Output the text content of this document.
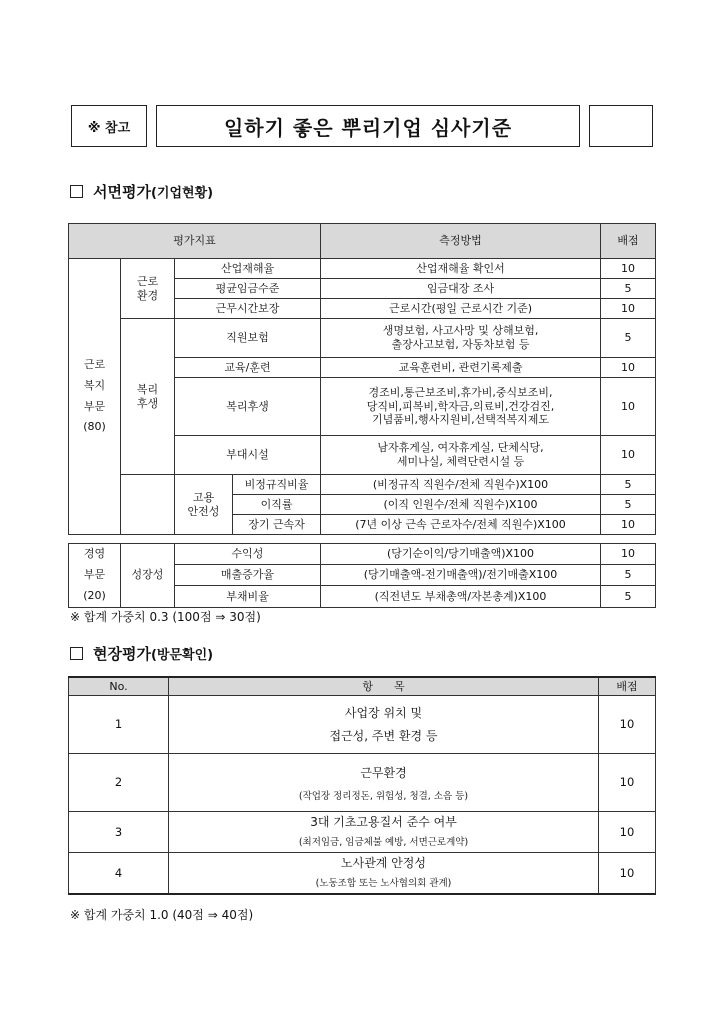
※ 참고	일하기 좋은 뿌리기업 심사기준
서면평가 (기업현황)
평가지표				측정방법	배점
근로
복지
부문
(80)	근로
환경	산업재해율		산업재해율 확인서	10
		평균임금수준		임금대장 조사	5
		근무시간보장		근로시간(평일 근로시간 기준)	10
	복리
후생	직원보험		생명보험, 사고사망 및 상해보험,
출장사고보험, 자동차보험 등	5
		교육/훈련		교육훈련비, 관련기록제출	10
		복리후생		경조비,통근보조비,휴가비,중식보조비,
당직비,피복비,학자금,의료비,건강검진,
기념품비,행사지원비,선택적복지제도	10
		부대시설		남자휴게실, 여자휴게실, 단체식당,
세미나실, 체력단련시설 등	10
		고용
안전성	비정규직비율	(비정규직 직원수/전체 직원수)X100	5
			이직률	(이직 인원수/전체 직원수)X100	5
			장기 근속자	(7년 이상 근속 근로자수/전체 직원수)X100	10
경영
부문
(20)	성장성	수익성	(당기순이익/당기매출액)X100	10
		매출증가율	(당기매출액-전기매출액)/전기매출X100	5
		부채비율	(직전년도 부채총액/자본총계)X100	5
※ 합계 가중치 0.3 (100점 ⇒ 30점)
현장평가 (방문확인)
No.	항      목	배점
1	사업장 위치 및
접근성, 주변 환경 등	10
2	근무환경
(작업장 정리정돈, 위험성, 청결, 소음 등)	10
3	3대 기초고용질서 준수 여부
(최저임금, 임금체불 예방, 서면근로계약)	10
4	노사관계 안정성
(노동조합 또는 노사협의회 관계)	10
※ 합계 가중치 1.0 (40점 ⇒ 40점)
